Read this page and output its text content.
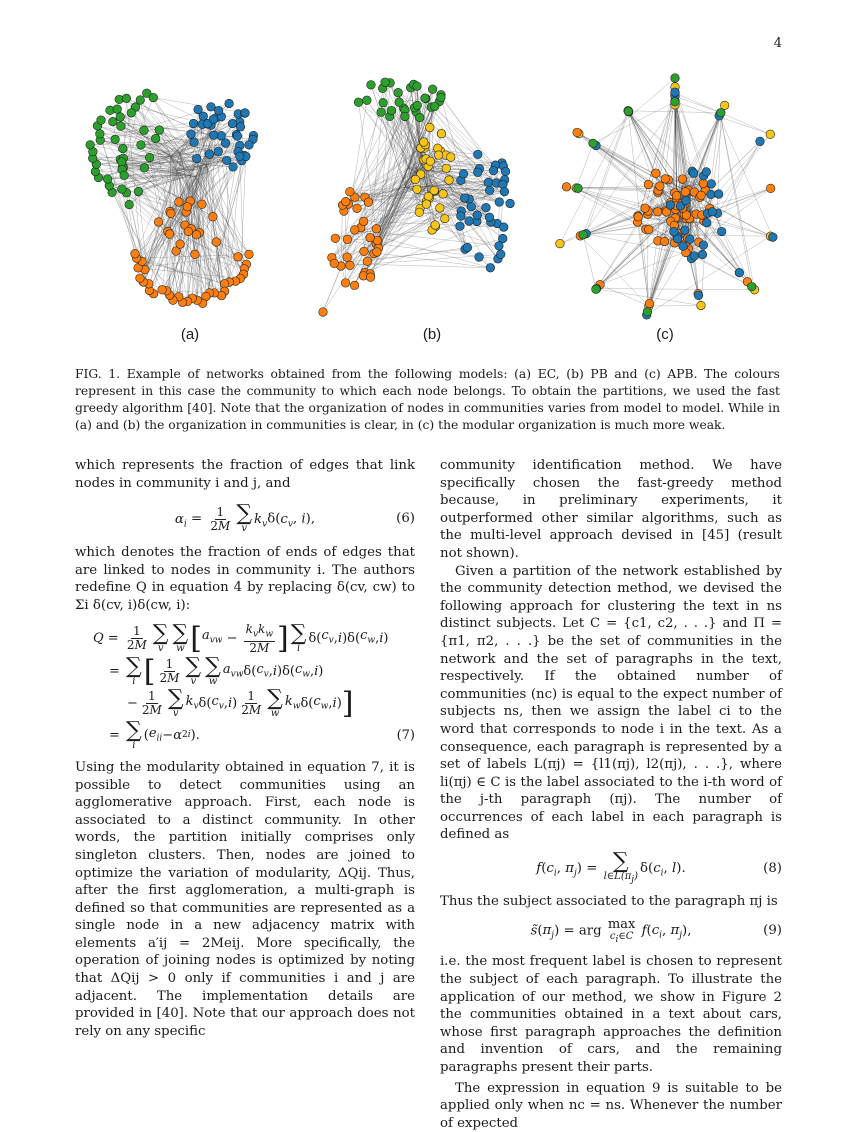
4
(a)	(b)	(c)
FIG. 1. Example of networks obtained from the following models: (a) EC, (b) PB and (c) APB. The colours represent in this case the community to which each node belongs. To obtain the partitions, we used the fast greedy algorithm [40]. Note that the organization of nodes in communities varies from model to model. While in (a) and (b) the organization in communities is clear, in (c) the modular organization is much more weak.

which represents the fraction of edges that link nodes in community i and j, and

$\alpha_i = \frac{1}{2M}$ ∑
v
$k_v\delta(c_v$, i),	(6)

which denotes the fraction of ends of edges that are linked to nodes in community i. The authors redefine Q in equation 4 by replacing δ(cv, cw) to Σi δ(cv, i)δ(cw, i):

$Q = \frac{1}{2M}$ ∑
v
∑
w [ $a_{vw} - \frac{k_vk_w}{2M}$ ] ∑
i
δ( $c_v$ , i )δ( $c_w$ , i )
= ∑
i [ $\frac{1}{2M}$ ∑
v
∑
w
$a_{vw}$ δ( $c_v$ , i )δ( $c_w$ , i )
− $\frac{1}{2M}$ ∑
v
$k_v$ δ( $c_v$ , i ) $\frac{1}{2M}$ ∑
w
$k_w$ δ( $c_w$ , i ) ]
= ∑
i
( $e_{ii} - \alpha$ 2 i ).	(7)

Using the modularity obtained in equation 7, it is possible to detect communities using an agglomerative approach. First, each node is associated to a distinct community. In other words, the partition initially comprises only singleton clusters. Then, nodes are joined to optimize the variation of modularity, ΔQij. Thus, after the first agglomeration, a multi-graph is defined so that communities are represented as a single node in a new adjacency matrix with elements a′ij = 2Meij. More specifically, the operation of joining nodes is optimized by noting that ΔQij > 0 only if communities i and j are adjacent. The implementation details are provided in [40]. Note that our approach does not rely on any specific

community identification method. We have specifically chosen the fast-greedy method because, in preliminary experiments, it outperformed other similar algorithms, such as the multi-level approach devised in [45] (result not shown).

Given a partition of the network established by the community detection method, we devised the following approach for clustering the text in ns distinct subjects. Let C = {c1, c2, . . .} and Π = {π1, π2, . . .} be the set of communities in the network and the set of paragraphs in the text, respectively. If the obtained number of communities (nc) is equal to the expect number of subjects ns, then we assign the label ci to the word that corresponds to node i in the text. As a consequence, each paragraph is represented by a set of labels L(πj) = {l1(πj), l2(πj), . . .}, where li(πj) ∈ C is the label associated to the i-th word of the j-th paragraph (πj). The number of occurrences of each label in each paragraph is defined as

$f(c_i$, $\pi_j$) = ∑
$l\in L(\pi_j)$
$\delta(c_i$, l).	(8)

Thus the subject associated to the paragraph πj is

$s̃(\pi_j)$ = arg max
$c_i\in C$ $f(c_i$, $\pi_j$),	(9)

i.e. the most frequent label is chosen to represent the subject of each paragraph. To illustrate the application of our method, we show in Figure 2 the communities obtained in a text about cars, whose first paragraph approaches the definition and invention of cars, and the remaining paragraphs present their parts.

The expression in equation 9 is suitable to be applied only when nc = ns. Whenever the number of expected
